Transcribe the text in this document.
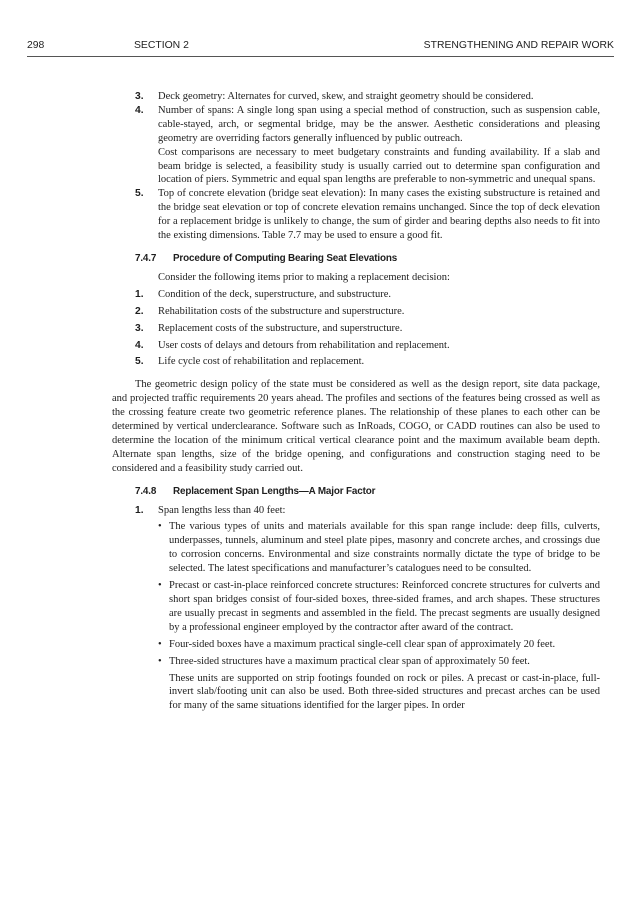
298	SECTION 2	STRENGTHENING AND REPAIR WORK
3. Deck geometry: Alternates for curved, skew, and straight geometry should be considered.
4. Number of spans: A single long span using a special method of construction, such as suspension cable, cable-stayed, arch, or segmental bridge, may be the answer. Aesthetic considerations and pleasing geometry are overriding factors generally influenced by public outreach.
Cost comparisons are necessary to meet budgetary constraints and funding availability. If a slab and beam bridge is selected, a feasibility study is usually carried out to determine span configuration and location of piers. Symmetric and equal span lengths are preferable to non-symmetric and unequal spans.
5. Top of concrete elevation (bridge seat elevation): In many cases the existing substructure is retained and the bridge seat elevation or top of concrete elevation remains unchanged. Since the top of deck elevation for a replacement bridge is unlikely to change, the sum of girder and bearing depths also needs to fit into the existing dimensions. Table 7.7 may be used to ensure a good fit.
7.4.7 Procedure of Computing Bearing Seat Elevations
Consider the following items prior to making a replacement decision:
1. Condition of the deck, superstructure, and substructure.
2. Rehabilitation costs of the substructure and superstructure.
3. Replacement costs of the substructure, and superstructure.
4. User costs of delays and detours from rehabilitation and replacement.
5. Life cycle cost of rehabilitation and replacement.
The geometric design policy of the state must be considered as well as the design report, site data package, and projected traffic requirements 20 years ahead. The profiles and sections of the features being crossed as well as the crossing feature create two geometric reference planes. The relationship of these planes to each other can be determined by vertical underclearance. Software such as InRoads, COGO, or CADD routines can also be used to determine the location of the minimum critical vertical clearance point and the maximum available beam depth. Alternate span lengths, size of the bridge opening, and configurations and construction staging need to be considered and a feasibility study carried out.
7.4.8 Replacement Span Lengths—A Major Factor
1. Span lengths less than 40 feet:
• The various types of units and materials available for this span range include: deep fills, culverts, underpasses, tunnels, aluminum and steel plate pipes, masonry and concrete arches, and crossings due to corrosion concerns. Environmental and size constraints normally dictate the type of bridge to be selected. The latest specifications and manufacturer’s catalogues need to be consulted.
• Precast or cast-in-place reinforced concrete structures: Reinforced concrete structures for culverts and short span bridges consist of four-sided boxes, three-sided frames, and arch shapes. These structures are usually precast in segments and assembled in the field. The precast segments are usually designed by a professional engineer employed by the contractor after award of the contract.
• Four-sided boxes have a maximum practical single-cell clear span of approximately 20 feet.
• Three-sided structures have a maximum practical clear span of approximately 50 feet.
These units are supported on strip footings founded on rock or piles. A precast or cast-in-place, full-invert slab/footing unit can also be used. Both three-sided structures and precast arches can be used for many of the same situations identified for the larger pipes. In order
